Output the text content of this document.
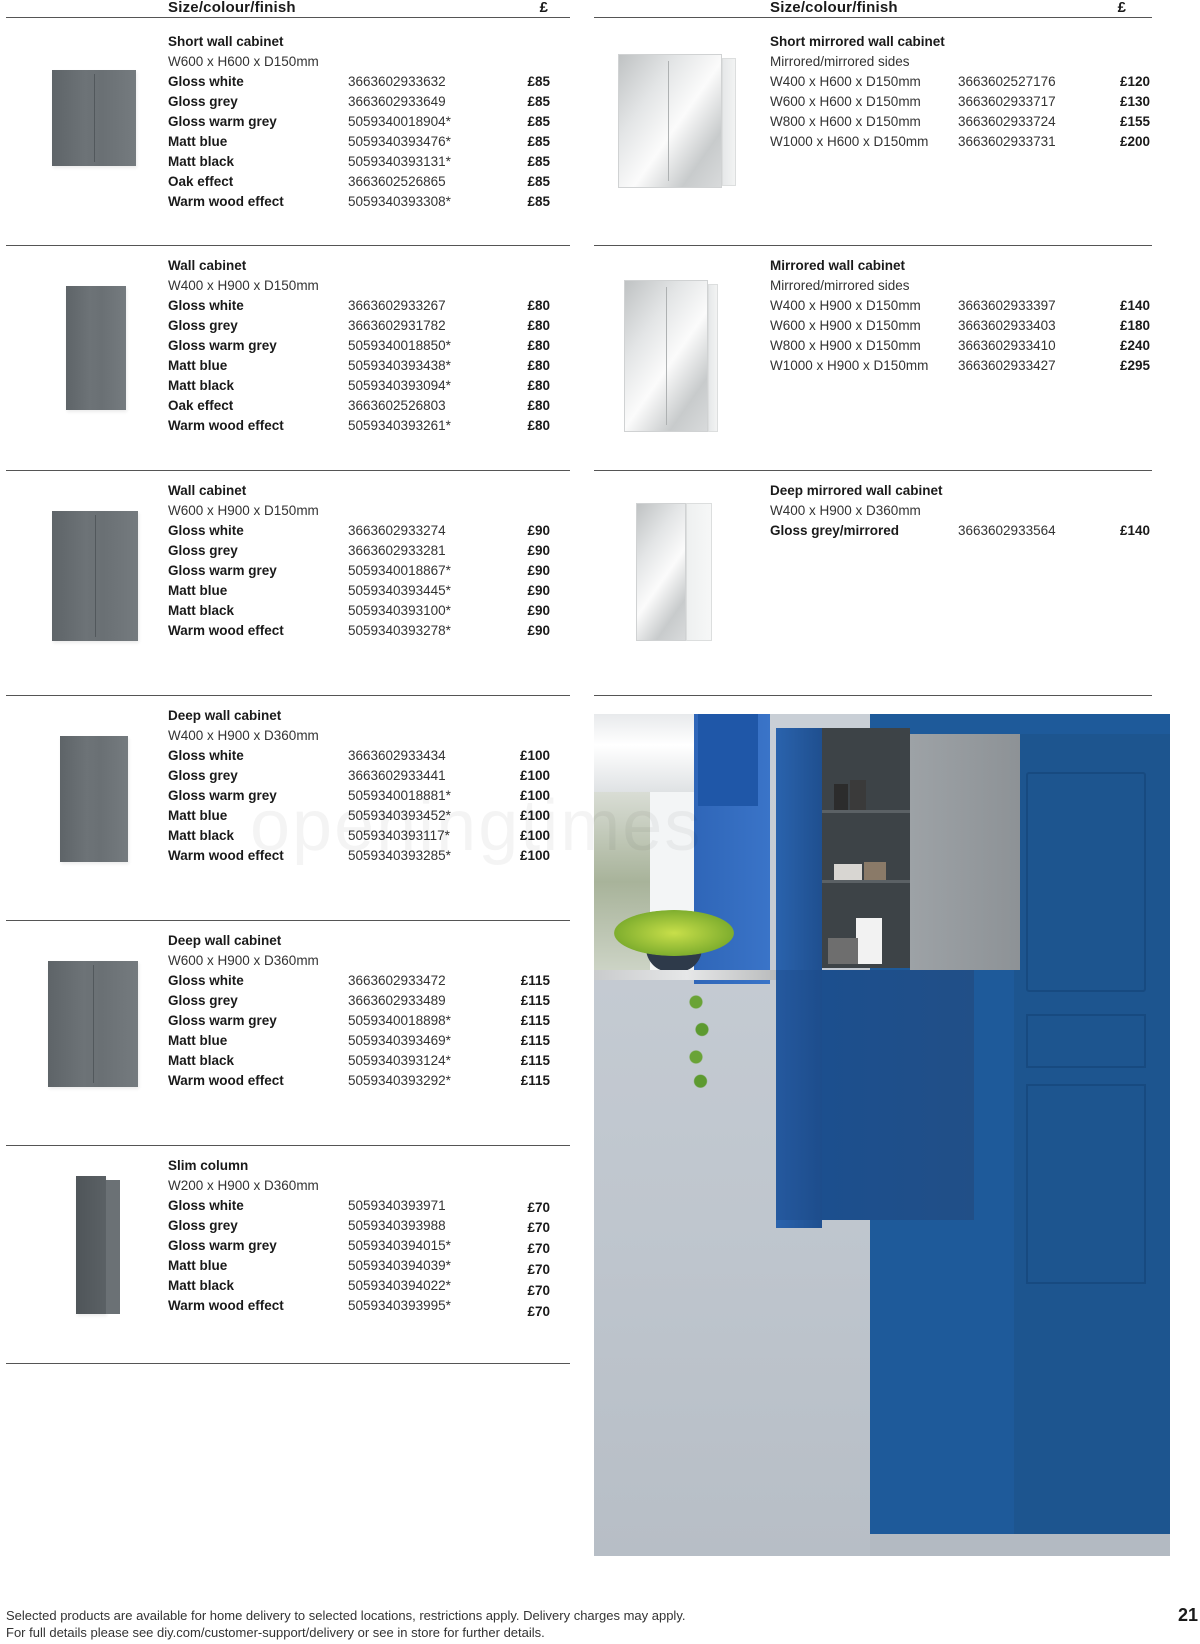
Size/colour/finish	£	Size/colour/finish	£
Short wall cabinet
W600 x H600 x D150mm
Gloss white	3663602933632	£85
Gloss grey	3663602933649	£85
Gloss warm grey	5059340018904*	£85
Matt blue	5059340393476*	£85
Matt black	5059340393131*	£85
Oak effect	3663602526865	£85
Warm wood effect	5059340393308*	£85
Wall cabinet
W400 x H900 x D150mm
Gloss white	3663602933267	£80
Gloss grey	3663602931782	£80
Gloss warm grey	5059340018850*	£80
Matt blue	5059340393438*	£80
Matt black	5059340393094*	£80
Oak effect	3663602526803	£80
Warm wood effect	5059340393261*	£80
Wall cabinet
W600 x H900 x D150mm
Gloss white	3663602933274	£90
Gloss grey	3663602933281	£90
Gloss warm grey	5059340018867*	£90
Matt blue	5059340393445*	£90
Matt black	5059340393100*	£90
Warm wood effect	5059340393278*	£90
Deep wall cabinet
W400 x H900 x D360mm
Gloss white	3663602933434	£100
Gloss grey	3663602933441	£100
Gloss warm grey	5059340018881*	£100
Matt blue	5059340393452*	£100
Matt black	5059340393117*	£100
Warm wood effect	5059340393285*	£100
Deep wall cabinet
W600 x H900 x D360mm
Gloss white	3663602933472	£115
Gloss grey	3663602933489	£115
Gloss warm grey	5059340018898*	£115
Matt blue	5059340393469*	£115
Matt black	5059340393124*	£115
Warm wood effect	5059340393292*	£115
Slim column
W200 x H900 x D360mm
Gloss white	5059340393971	£70
Gloss grey	5059340393988	£70
Gloss warm grey	5059340394015*	£70
Matt blue	5059340394039*	£70
Matt black	5059340394022*	£70
Warm wood effect	5059340393995*	£70
Short mirrored wall cabinet
Mirrored/mirrored sides
W400 x H600 x D150mm	3663602527176	£120
W600 x H600 x D150mm	3663602933717	£130
W800 x H600 x D150mm	3663602933724	£155
W1000 x H600 x D150mm 3663602933731	£200
Mirrored wall cabinet
Mirrored/mirrored sides
W400 x H900 x D150mm	3663602933397	£140
W600 x H900 x D150mm	3663602933403	£180
W800 x H900 x D150mm	3663602933410	£240
W1000 x H900 x D150mm 3663602933427	£295
Deep mirrored wall cabinet
W400 x H900 x D360mm
Gloss grey/mirrored	3663602933564	£140
Selected products are available for home delivery to selected locations, restrictions apply. Delivery charges may apply.
For full details please see diy.com/customer-support/delivery or see in store for further details.
21
